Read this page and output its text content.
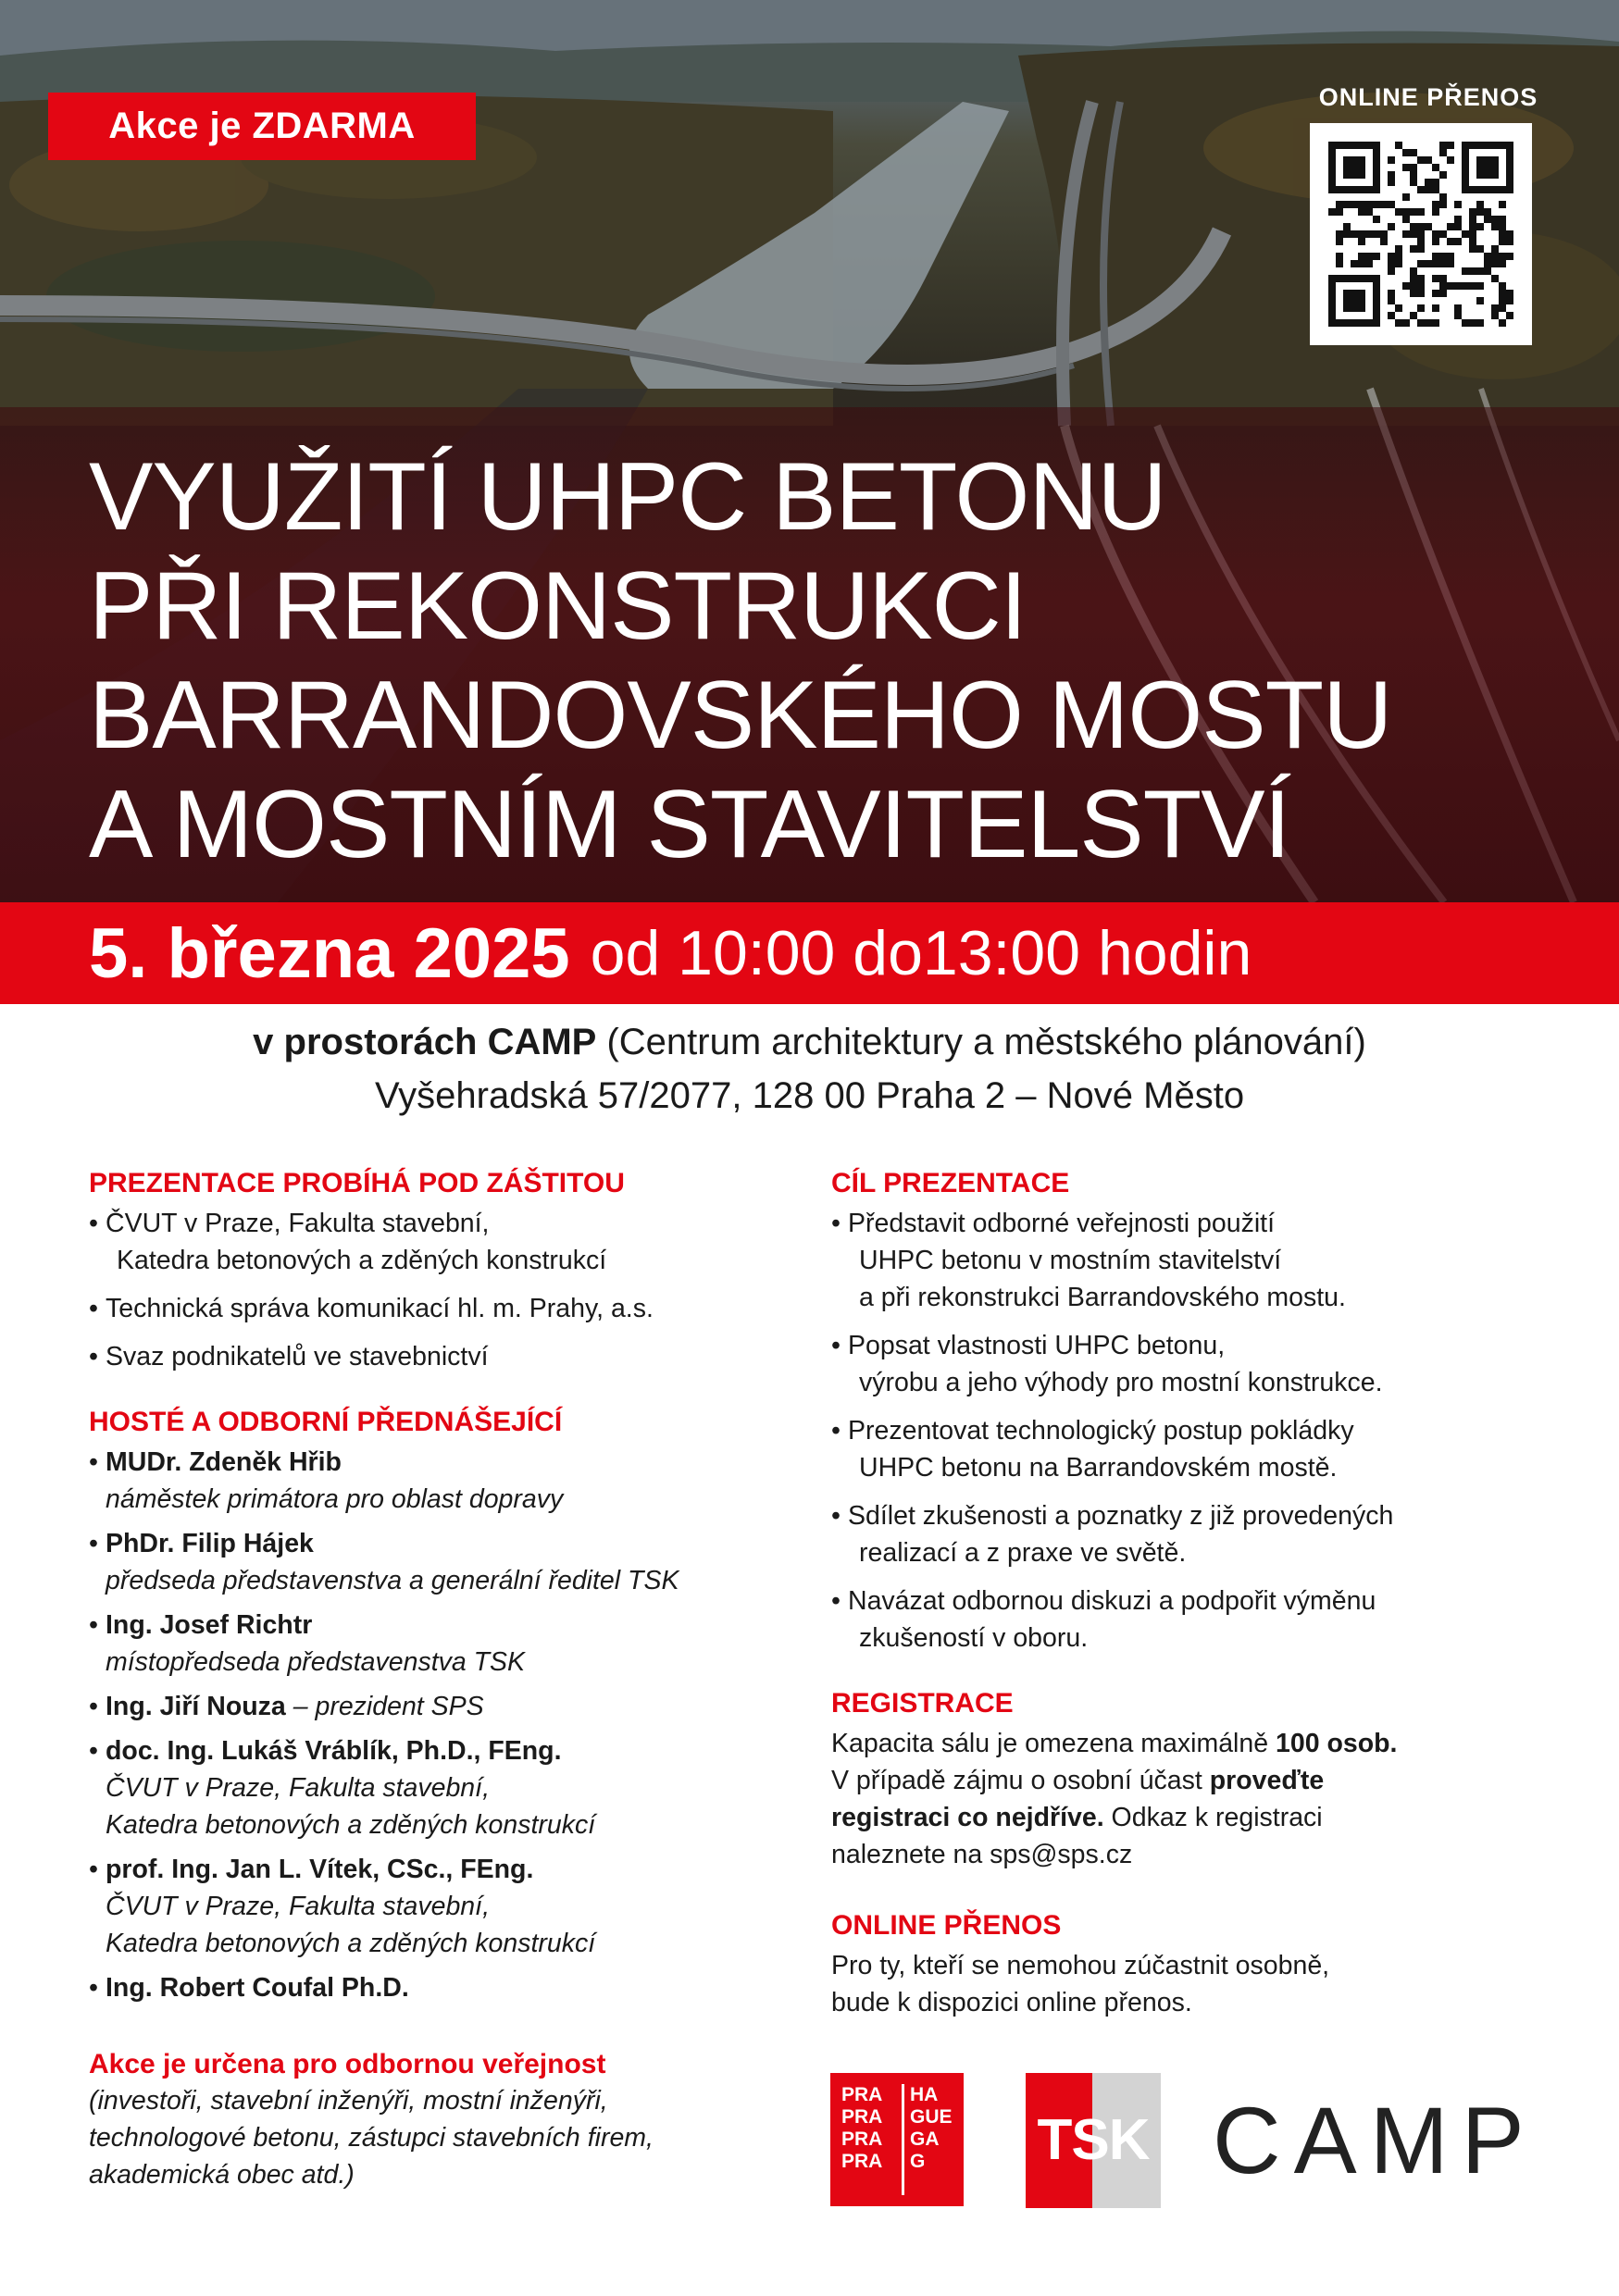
Akce je ZDARMA
ONLINE PŘENOS
VYUŽITÍ UHPC BETONU
PŘI REKONSTRUKCI
BARRANDOVSKÉHO MOSTU
A MOSTNÍM STAVITELSTVÍ
5. března 2025 od 10:00 do13:00 hodin
v prostorách CAMP (Centrum architektury a městského plánování)
Vyšehradská 57/2077, 128 00 Praha 2 – Nové Město
PREZENTACE PROBÍHÁ POD ZÁŠTITOU
• ČVUT v Praze, Fakulta stavební,
Katedra betonových a zděných konstrukcí
• Technická správa komunikací hl. m. Prahy, a.s.
• Svaz podnikatelů ve stavebnictví
HOSTÉ A ODBORNÍ PŘEDNÁŠEJÍCÍ
• MUDr. Zdeněk Hřib
náměstek primátora pro oblast dopravy
• PhDr. Filip Hájek
předseda představenstva a generální ředitel TSK
• Ing. Josef Richtr
místopředseda představenstva TSK
• Ing. Jiří Nouza – prezident SPS
• doc. Ing. Lukáš Vráblík, Ph.D., FEng.
ČVUT v Praze, Fakulta stavební,
Katedra betonových a zděných konstrukcí
• prof. Ing. Jan L. Vítek, CSc., FEng.
ČVUT v Praze, Fakulta stavební,
Katedra betonových a zděných konstrukcí
• Ing. Robert Coufal Ph.D.
Akce je určena pro odbornou veřejnost
(investoři, stavební inženýři, mostní inženýři,
technologové betonu, zástupci stavebních firem,
akademická obec atd.)
CÍL PREZENTACE
• Představit odborné veřejnosti použití
UHPC betonu v mostním stavitelství
a při rekonstrukci Barrandovského mostu.
• Popsat vlastnosti UHPC betonu,
výrobu a jeho výhody pro mostní konstrukce.
• Prezentovat technologický postup pokládky
UHPC betonu na Barrandovském mostě.
• Sdílet zkušenosti a poznatky z již provedených
realizací a z praxe ve světě.
• Navázat odbornou diskuzi a podpořit výměnu
zkušeností v oboru.
REGISTRACE
Kapacita sálu je omezena maximálně 100 osob.
V případě zájmu o osobní účast proveďte
registraci co nejdříve. Odkaz k registraci
naleznete na sps@sps.cz
ONLINE PŘENOS
Pro ty, kteří se nemohou zúčastnit osobně,
bude k dispozici online přenos.
PRA
PRA
PRA
PRA
HA
GUE
GA
G	TSK CAMP
